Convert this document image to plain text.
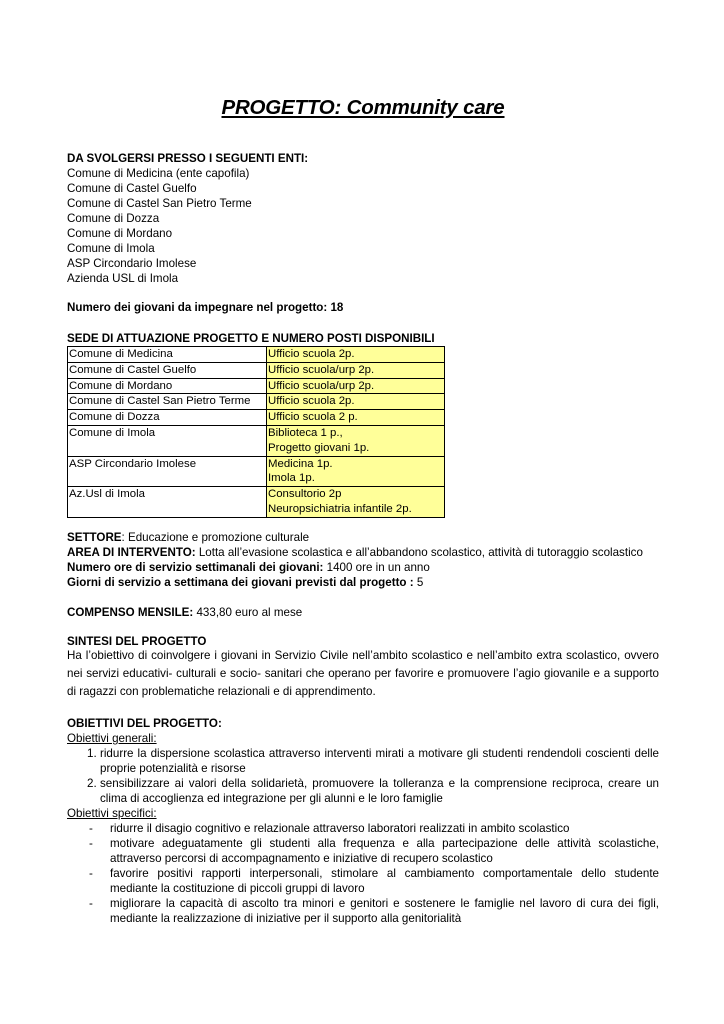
PROGETTO: Community care
DA SVOLGERSI PRESSO I SEGUENTI ENTI:
Comune di Medicina (ente capofila)
Comune di Castel Guelfo
Comune di Castel San Pietro Terme
Comune di Dozza
Comune di Mordano
Comune di Imola
ASP Circondario Imolese
Azienda USL di Imola
Numero dei giovani da impegnare nel progetto: 18
SEDE DI ATTUAZIONE PROGETTO E NUMERO POSTI DISPONIBILI
Comune di Medicina	Ufficio scuola 2p.

Comune di Castel Guelfo	Ufficio scuola/urp 2p.

Comune di Mordano	Ufficio scuola/urp 2p.

Comune di Castel San Pietro Terme	Ufficio scuola 2p.

Comune di Dozza	Ufficio scuola 2 p.

Comune di Imola	Biblioteca 1 p.,
Progetto giovani 1p.

ASP Circondario Imolese	Medicina 1p.
Imola 1p.

Az.Usl di Imola	Consultorio 2p
Neuropsichiatria infantile 2p.
SETTORE: Educazione e promozione culturale
AREA DI INTERVENTO: Lotta all’evasione scolastica e all’abbandono scolastico, attività di tutoraggio scolastico
Numero ore di servizio settimanali dei giovani: 1400 ore in un anno
Giorni di servizio a settimana dei giovani previsti dal progetto : 5
COMPENSO MENSILE: 433,80 euro al mese
SINTESI DEL PROGETTO
Ha l’obiettivo di coinvolgere i giovani in Servizio Civile nell’ambito scolastico e nell’ambito extra scolastico, ovvero nei servizi educativi- culturali e socio- sanitari che operano per favorire e promuovere l’agio giovanile e a supporto di ragazzi con problematiche relazionali e di apprendimento.
OBIETTIVI DEL PROGETTO:
Obiettivi generali:
1. ridurre la dispersione scolastica attraverso interventi mirati a motivare gli studenti rendendoli coscienti delle proprie potenzialità e risorse
2. sensibilizzare ai valori della solidarietà, promuovere la tolleranza e la comprensione reciproca, creare un clima di accoglienza ed integrazione per gli alunni e le loro famiglie
Obiettivi specifici:
- ridurre il disagio cognitivo e relazionale attraverso laboratori realizzati in ambito scolastico
- motivare adeguatamente gli studenti alla frequenza e alla partecipazione delle attività scolastiche, attraverso percorsi di accompagnamento e iniziative di recupero scolastico
- favorire positivi rapporti interpersonali, stimolare al cambiamento comportamentale dello studente mediante la costituzione di piccoli gruppi di lavoro
- migliorare la capacità di ascolto tra minori e genitori e sostenere le famiglie nel lavoro di cura dei figli, mediante la realizzazione di iniziative per il supporto alla genitorialità
